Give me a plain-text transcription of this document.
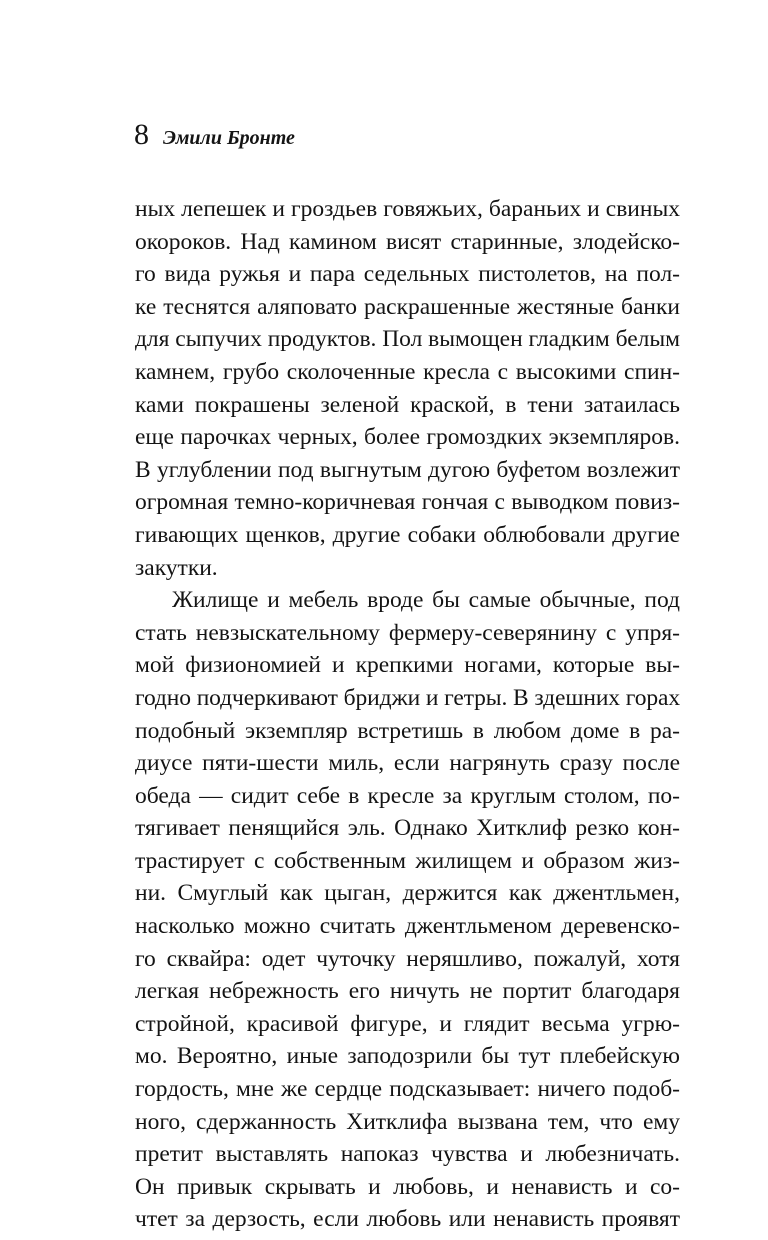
8 Эмили Бронте
ных лепешек и гроздьев говяжьих, бараньих и свиных
окороков. Над камином висят старинные, злодейско-
го вида ружья и пара седельных пистолетов, на пол-
ке теснятся аляповато раскрашенные жестяные банки
для сыпучих продуктов. Пол вымощен гладким белым
камнем, грубо сколоченные кресла с высокими спин-
ками покрашены зеленой краской, в тени затаилась
еще парочках черных, более громоздких экземпляров.
В углублении под выгнутым дугою буфетом возлежит
огромная темно-коричневая гончая с выводком повиз-
гивающих щенков, другие собаки облюбовали другие
закутки.
Жилище и мебель вроде бы самые обычные, под
стать невзыскательному фермеру-северянину с упря-
мой физиономией и крепкими ногами, которые вы-
годно подчеркивают бриджи и гетры. В здешних горах
подобный экземпляр встретишь в любом доме в ра-
диусе пяти-шести миль, если нагрянуть сразу после
обеда — сидит себе в кресле за круглым столом, по-
тягивает пенящийся эль. Однако Хитклиф резко кон-
трастирует с собственным жилищем и образом жиз-
ни. Смуглый как цыган, держится как джентльмен,
насколько можно считать джентльменом деревенско-
го сквайра: одет чуточку неряшливо, пожалуй, хотя
легкая небрежность его ничуть не портит благодаря
стройной, красивой фигуре, и глядит весьма угрю-
мо. Вероятно, иные заподозрили бы тут плебейскую
гордость, мне же сердце подсказывает: ничего подоб-
ного, сдержанность Хитклифа вызвана тем, что ему
претит выставлять напоказ чувства и любезничать.
Он привык скрывать и любовь, и ненависть и со-
чтет за дерзость, если любовь или ненависть проявят
